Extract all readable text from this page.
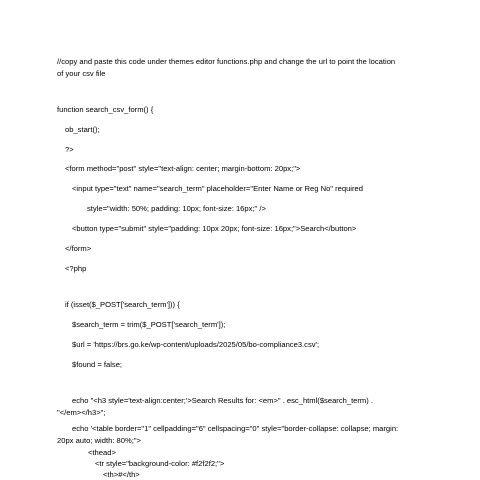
//copy and paste this code under themes editor functions.php and change the url to point the location
of your csv file
function search_csv_form() {
ob_start();
?>
<form method="post" style="text-align: center; margin-bottom: 20px;">
<input type="text" name="search_term" placeholder="Enter Name or Reg No" required
style="width: 50%; padding: 10px; font-size: 16px;" />
<button type="submit" style="padding: 10px 20px; font-size: 16px;">Search</button>
</form>
<?php
if (isset($_POST['search_term'])) {
$search_term = trim($_POST['search_term']);
$url = 'https://brs.go.ke/wp-content/uploads/2025/05/bo-compliance3.csv';
$found = false;
echo "<h3 style='text-align:center;'>Search Results for: <em>" . esc_html($search_term) .
"</em></h3>";
echo '<table border="1" cellpadding="6" cellspacing="0" style="border-collapse: collapse; margin:
20px auto; width: 80%;">
<thead>
<tr style="background-color: #f2f2f2;">
<th>#</th>
